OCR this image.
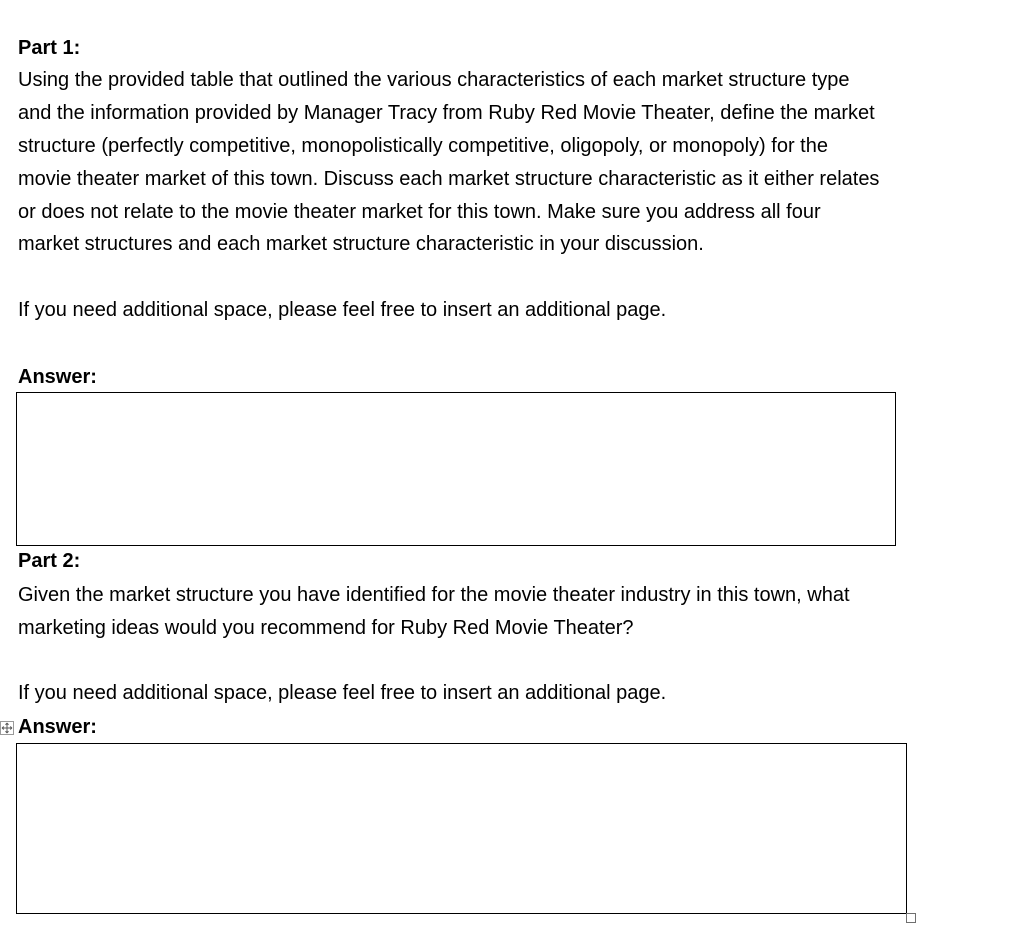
Part 1:

Using the provided table that outlined the various characteristics of each market structure type

and the information provided by Manager Tracy from Ruby Red Movie Theater, define the market

structure (perfectly competitive, monopolistically competitive, oligopoly, or monopoly) for the

movie theater market of this town. Discuss each market structure characteristic as it either relates

or does not relate to the movie theater market for this town. Make sure you address all four

market structures and each market structure characteristic in your discussion.

If you need additional space, please feel free to insert an additional page.

Answer:

Part 2:

Given the market structure you have identified for the movie theater industry in this town, what

marketing ideas would you recommend for Ruby Red Movie Theater?

If you need additional space, please feel free to insert an additional page.

Answer:
